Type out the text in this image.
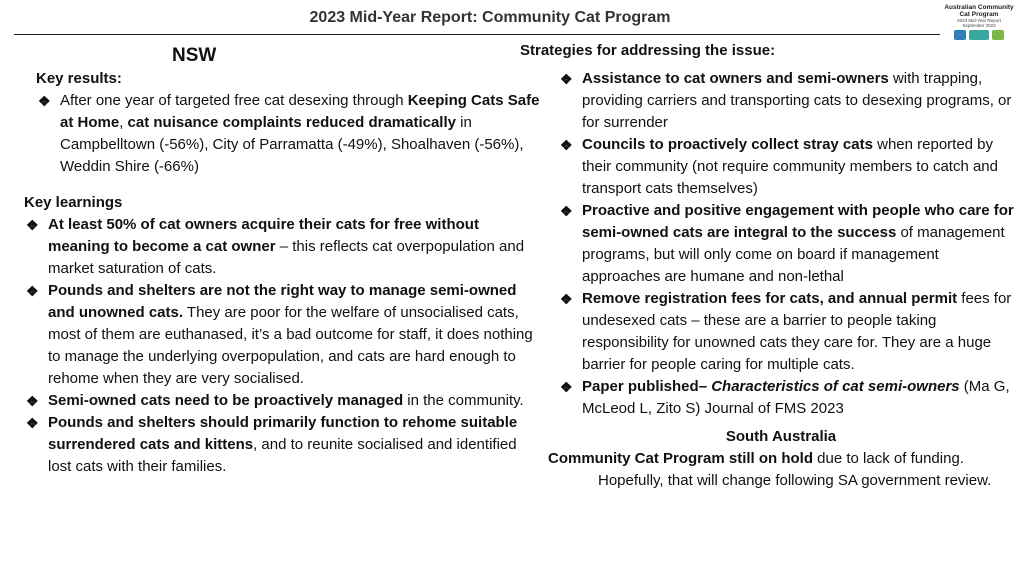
2023 Mid-Year Report: Community Cat Program
Australian Community
Cat Program
2023 Mid-Year Report
September 2023
NSW
Key results:
❖ After one year of targeted free cat desexing through Keeping Cats Safe at Home, cat nuisance complaints reduced dramatically in Campbelltown (-56%), City of Parramatta (-49%), Shoalhaven (-56%), Weddin Shire (-66%)
Key learnings
❖ At least 50% of cat owners acquire their cats for free without meaning to become a cat owner – this reflects cat overpopulation and market saturation of cats.
❖ Pounds and shelters are not the right way to manage semi-owned and unowned cats. They are poor for the welfare of unsocialised cats, most of them are euthanased, it’s a bad outcome for staff, it does nothing to manage the underlying overpopulation, and cats are hard enough to rehome when they are very socialised.
❖ Semi-owned cats need to be proactively managed in the community.
❖ Pounds and shelters should primarily function to rehome suitable surrendered cats and kittens, and to reunite socialised and identified lost cats with their families.
Strategies for addressing the issue:
❖ Assistance to cat owners and semi-owners with trapping, providing carriers and transporting cats to desexing programs, or for surrender
❖ Councils to proactively collect stray cats when reported by their community (not require community members to catch and transport cats themselves)
❖ Proactive and positive engagement with people who care for semi-owned cats are integral to the success of management programs, but will only come on board if management approaches are humane and non-lethal
❖ Remove registration fees for cats, and annual permit fees for undesexed cats – these are a barrier to people taking responsibility for unowned cats they care for. They are a huge barrier for people caring for multiple cats.
❖ Paper published– Characteristics of cat semi-owners (Ma G, McLeod L, Zito S) Journal of FMS 2023
South Australia
Community Cat Program still on hold due to lack of funding. Hopefully, that will change following SA government review.
